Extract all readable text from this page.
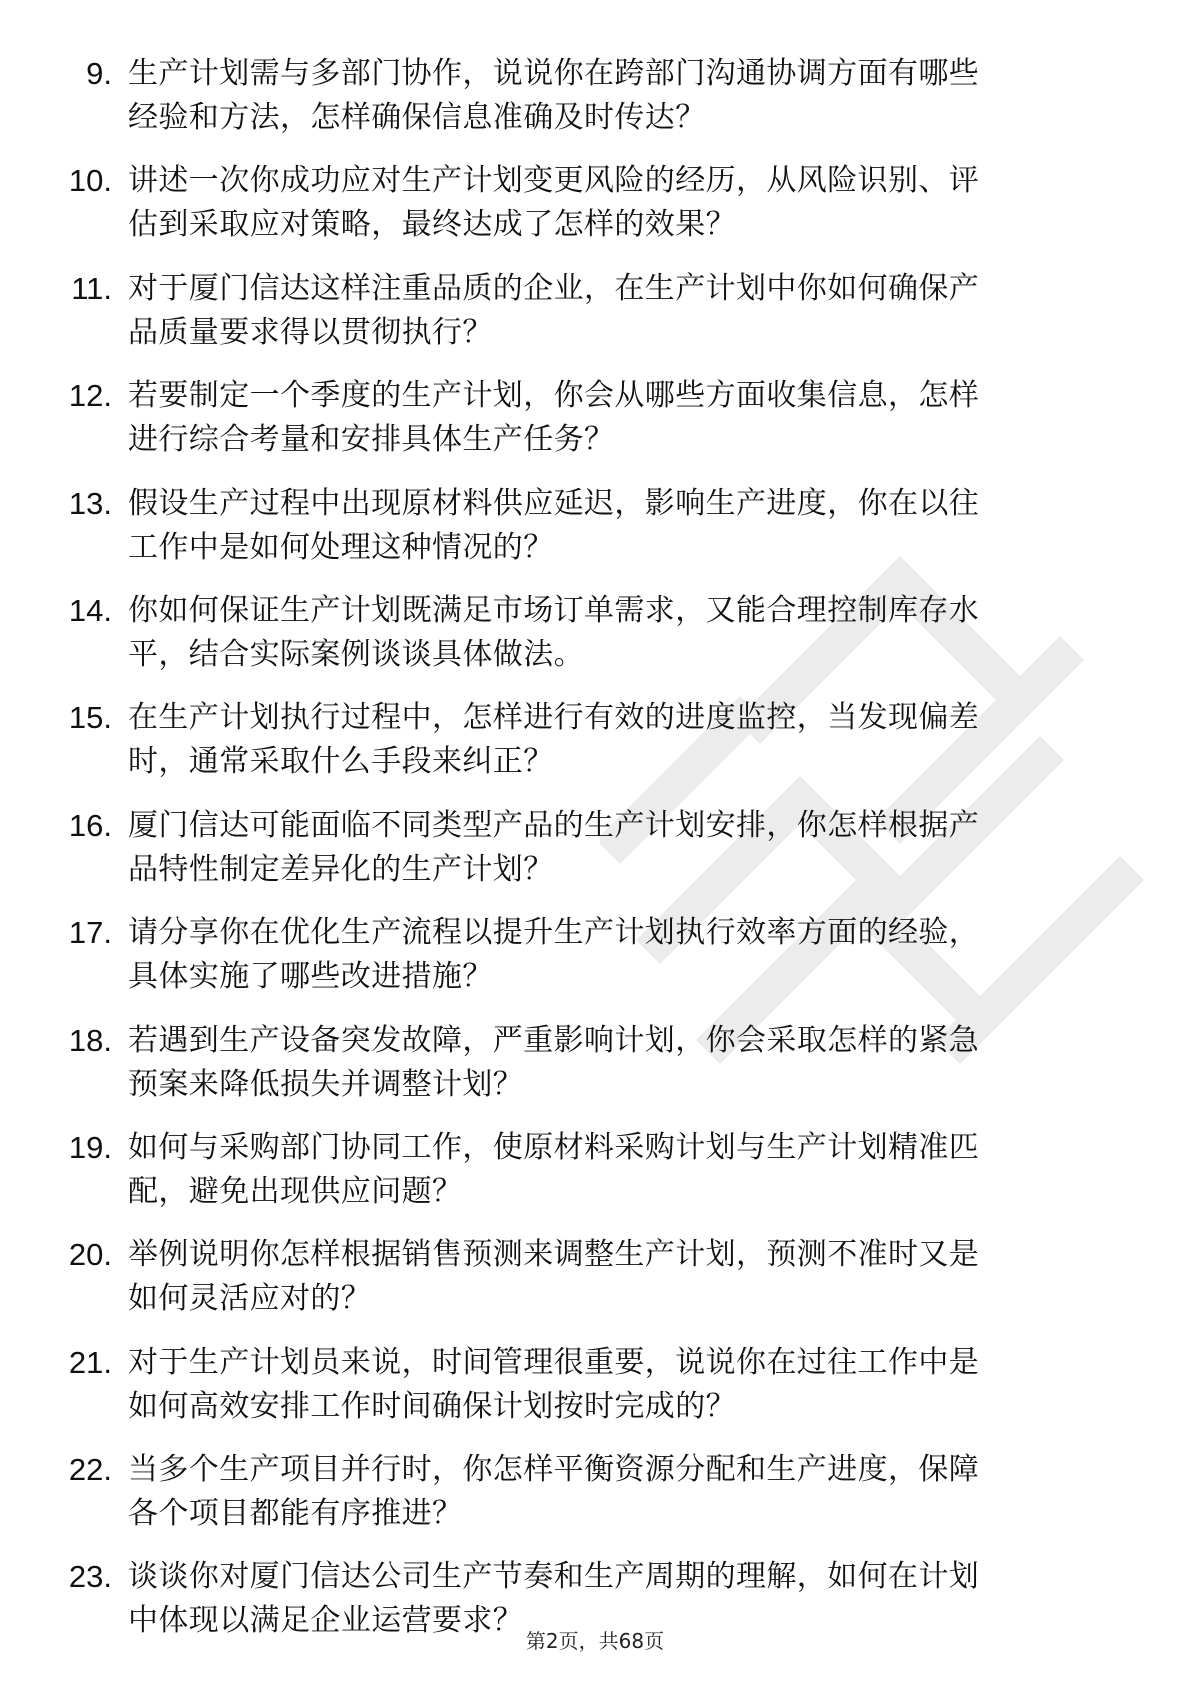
9. 生产计划需与多部门协作，说说你在跨部门沟通协调方面有哪些
经验和方法，怎样确保信息准确及时传达？
10. 讲述一次你成功应对生产计划变更风险的经历，从风险识别、评
估到采取应对策略，最终达成了怎样的效果？
11. 对于厦门信达这样注重品质的企业，在生产计划中你如何确保产
品质量要求得以贯彻执行？
12. 若要制定一个季度的生产计划，你会从哪些方面收集信息，怎样
进行综合考量和安排具体生产任务？
13. 假设生产过程中出现原材料供应延迟，影响生产进度，你在以往
工作中是如何处理这种情况的？
14. 你如何保证生产计划既满足市场订单需求，又能合理控制库存水
平，结合实际案例谈谈具体做法。
15. 在生产计划执行过程中，怎样进行有效的进度监控，当发现偏差
时，通常采取什么手段来纠正？
16. 厦门信达可能面临不同类型产品的生产计划安排，你怎样根据产
品特性制定差异化的生产计划？
17. 请分享你在优化生产流程以提升生产计划执行效率方面的经验，
具体实施了哪些改进措施？
18. 若遇到生产设备突发故障，严重影响计划，你会采取怎样的紧急
预案来降低损失并调整计划？
19. 如何与采购部门协同工作，使原材料采购计划与生产计划精准匹
配，避免出现供应问题？
20. 举例说明你怎样根据销售预测来调整生产计划，预测不准时又是
如何灵活应对的？
21. 对于生产计划员来说，时间管理很重要，说说你在过往工作中是
如何高效安排工作时间确保计划按时完成的？
22. 当多个生产项目并行时，你怎样平衡资源分配和生产进度，保障
各个项目都能有序推进？
23. 谈谈你对厦门信达公司生产节奏和生产周期的理解，如何在计划
中体现以满足企业运营要求？
第2页，共68页
